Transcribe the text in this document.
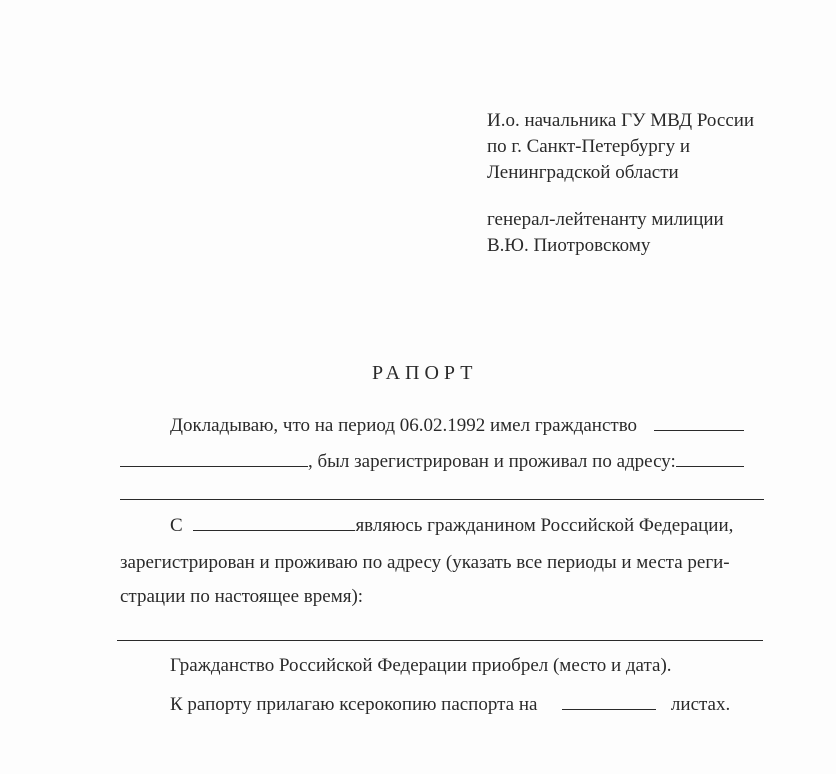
И.о. начальника ГУ МВД России
по г. Санкт-Петербургу и
Ленинградской области
генерал-лейтенанту милиции
В.Ю. Пиотровскому
РАПОРТ
Докладываю, что на период 06.02.1992 имел гражданство
, был зарегистрирован и проживал по адресу:
С	являюсь гражданином Российской Федерации,
зарегистрирован и проживаю по адресу (указать все периоды и места реги-
страции по настоящее время):
Гражданство Российской Федерации приобрел (место и дата).
К рапорту прилагаю ксерокопию паспорта на	листах.
